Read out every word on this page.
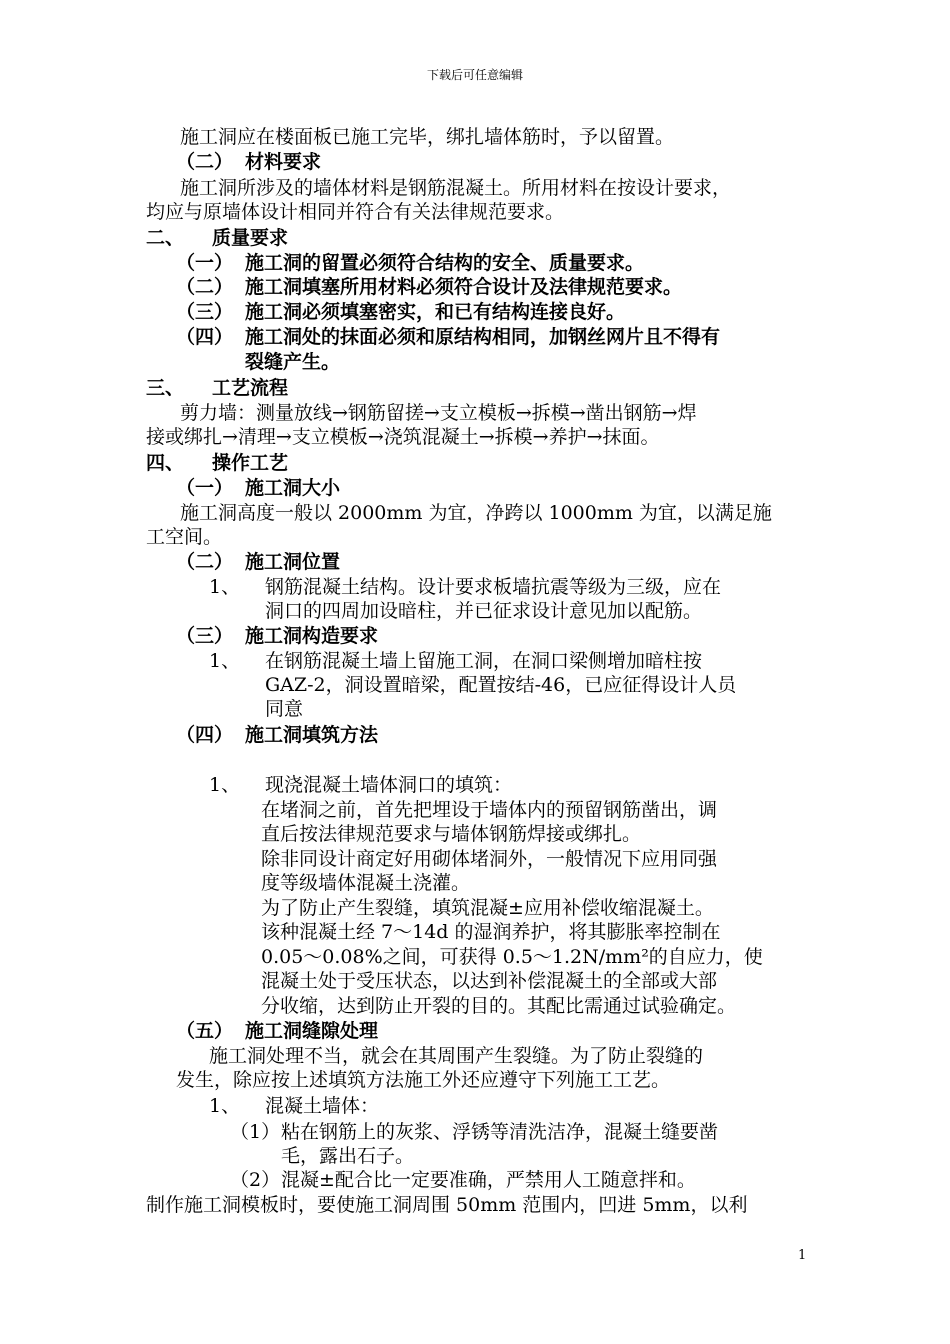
下载后可任意编辑
施工洞应在楼面板已施工完毕，绑扎墙体筋时，予以留置。
（二） 材料要求
施工洞所涉及的墙体材料是钢筋混凝土。所用材料在按设计要求，
均应与原墙体设计相同并符合有关法律规范要求。
二、 质量要求
（一） 施工洞的留置必须符合结构的安全、质量要求。
（二） 施工洞填塞所用材料必须符合设计及法律规范要求。
（三） 施工洞必须填塞密实，和已有结构连接良好。
（四） 施工洞处的抹面必须和原结构相同，加钢丝网片且不得有
裂缝产生。
三、 工艺流程
剪力墙：测量放线→钢筋留搓→支立模板→拆模→凿出钢筋→焊
接或绑扎→清理→支立模板→浇筑混凝土→拆模→养护→抹面。
四、 操作工艺
（一） 施工洞大小
施工洞高度一般以 2000mm 为宜，净跨以 1000mm 为宜，以满足施
工空间。
（二） 施工洞位置
1、 钢筋混凝土结构。设计要求板墙抗震等级为三级，应在
洞口的四周加设暗柱，并已征求设计意见加以配筋。
（三） 施工洞构造要求
1、 在钢筋混凝土墙上留施工洞，在洞口梁侧增加暗柱按
GAZ-2，洞设置暗梁，配置按结-46，已应征得设计人员
同意
（四） 施工洞填筑方法
1、 现浇混凝土墙体洞口的填筑：
在堵洞之前，首先把埋设于墙体内的预留钢筋凿出，调
直后按法律规范要求与墙体钢筋焊接或绑扎。
除非同设计商定好用砌体堵洞外，一般情况下应用同强
度等级墙体混凝土浇灌。
为了防止产生裂缝，填筑混凝±应用补偿收缩混凝土。
该种混凝土经 7～14d 的湿润养护，将其膨胀率控制在
0.05～0.08%之间，可获得 0.5～1.2N/mm²的自应力，使
混凝土处于受压状态，以达到补偿混凝土的全部或大部
分收缩，达到防止开裂的目的。其配比需通过试验确定。
（五） 施工洞缝隙处理
施工洞处理不当，就会在其周围产生裂缝。为了防止裂缝的
发生，除应按上述填筑方法施工外还应遵守下列施工工艺。
1、 混凝土墙体：
（1） 粘在钢筋上的灰浆、浮锈等清洗洁净，混凝土缝要凿
毛，露出石子。
（2） 混凝±配合比一定要准确，严禁用人工随意拌和。
制作施工洞模板时，要使施工洞周围 50mm 范围内，凹进 5mm，以利
1
